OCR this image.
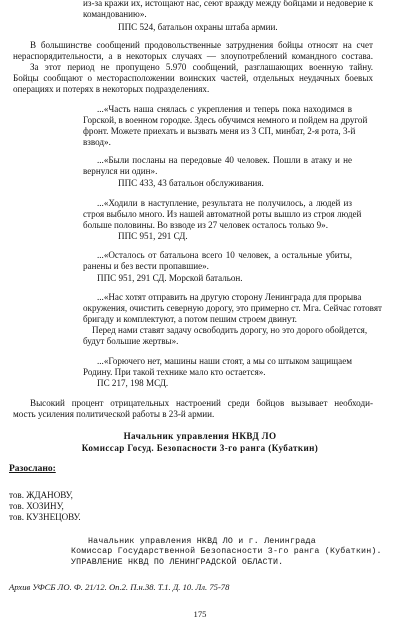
из-за кражи их, истощают нас, сеют вражду между бойцами и недоверие к
командованию».
ППС 524, батальон охраны штаба армии.
В большинстве сообщений продовольственные затруднения бойцы относят на счет
нераспорядительности, а в некоторых случаях — злоупотреблений командного состава.
За этот период не пропущено 5.970 сообщений, разглашающих военную тайну.
Бойцы сообщают о месторасположении воинских частей, отдельных неудачных боевых
операциях и потерях в некоторых подразделениях.
...«Часть наша снялась с укрепления и теперь пока находимся в
Горской, в военном городке. Здесь обучимся немного и пойдем на другой
фронт. Можете приехать и вызвать меня из 3 СП, минбат, 2-я рота, 3-й
взвод».
...«Были посланы на передовые 40 человек. Пошли в атаку и не
вернулся ни один».
ППС 433, 43 батальон обслуживания.
...«Ходили в наступление, результата не получилось, а людей из
строя выбыло много. Из нашей автоматной роты вышло из строя людей
больше половины. Во взводе из 27 человек осталось только 9».
ППС 951, 291 СД.
...«Осталось от батальона всего 10 человек, а остальные убиты,
ранены и без вести пропавшие».
ППС 951, 291 СД. Морской батальон.
...«Нас хотят отправить на другую сторону Ленинграда для прорыва
окружения, очистить северную дорогу, это примерно ст. Мга. Сейчас готовят
бригаду и комплектуют, а потом пешим строем двинут.
Перед нами ставят задачу освободить дорогу, но это дорого обойдется,
будут большие жертвы».
...«Горючего нет, машины наши стоят, а мы со штыком защищаем
Родину. При такой технике мало кто остается».
ПС 217, 198 МСД.
Высокий процент отрицательных настроений среди бойцов вызывает необходи-
мость усиления политической работы в 23-й армии.
Начальник управления НКВД ЛО
Комиссар Госуд. Безопасности 3-го ранга (Кубаткин)
Разослано:
тов. ЖДАНОВУ,
тов. ХОЗИНУ,
тов. КУЗНЕЦОВУ.
Начальник управления НКВД ЛО и г. Ленинграда
Комиссар Государственной Безопасности 3-го ранга (Кубаткин).
УПРАВЛЕНИЕ НКВД ПО ЛЕНИНГРАДСКОЙ ОБЛАСТИ.
Архив УФСБ ЛО. Ф. 21/12. Оп.2. П.н.38. Т.1. Д. 10. Лл. 75-78
175
